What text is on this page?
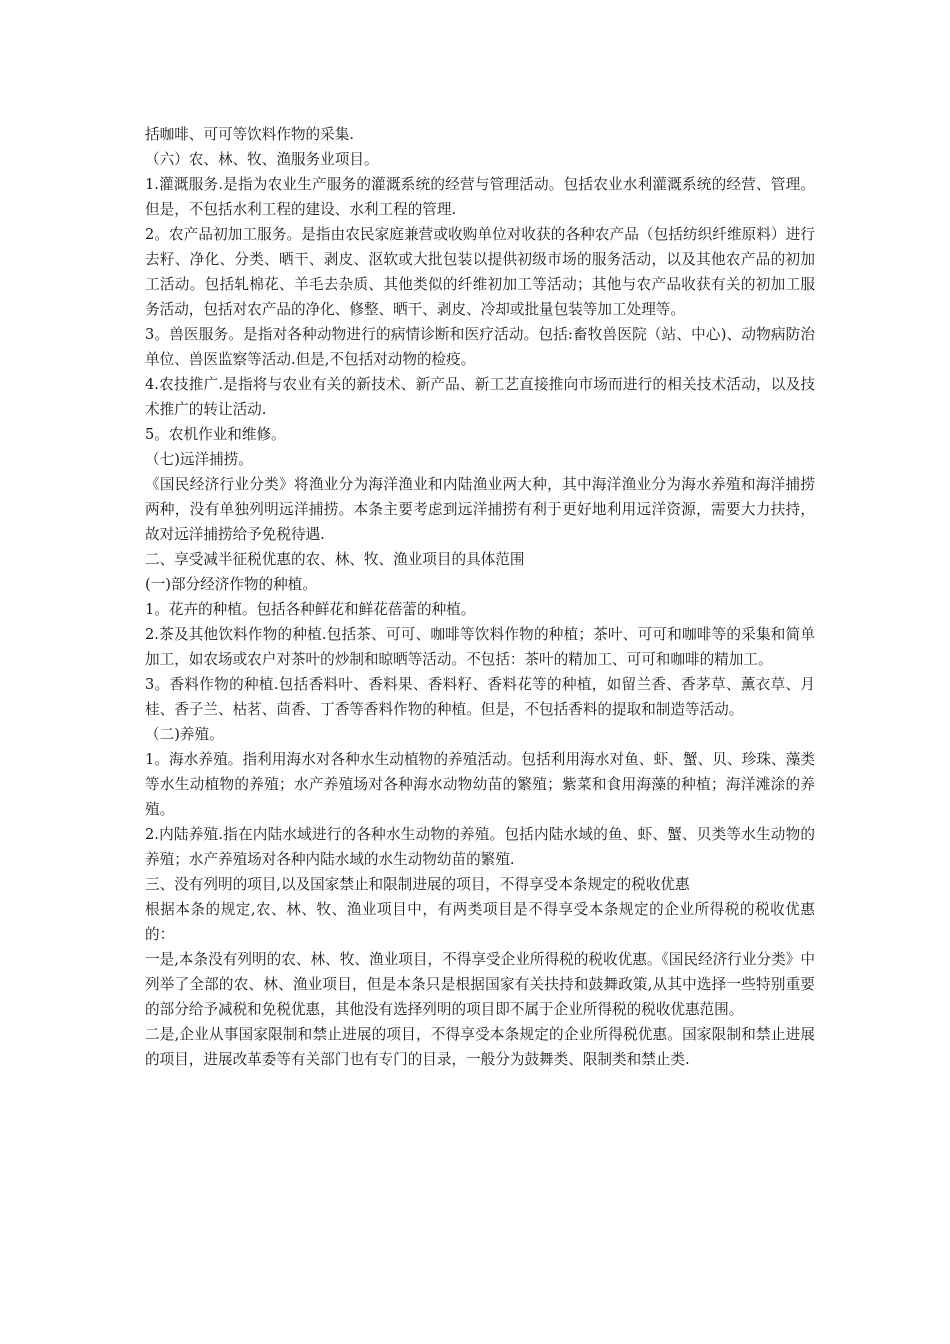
括咖啡、可可等饮料作物的采集.

（六）农、林、牧、渔服务业项目。

1.灌溉服务.是指为农业生产服务的灌溉系统的经营与管理活动。包括农业水利灌溉系统的经营、管理。但是，不包括水利工程的建设、水利工程的管理.

2。农产品初加工服务。是指由农民家庭兼营或收购单位对收获的各种农产品（包括纺织纤维原料）进行去籽、净化、分类、晒干、剥皮、沤软或大批包装以提供初级市场的服务活动，以及其他农产品的初加工活动。包括轧棉花、羊毛去杂质、其他类似的纤维初加工等活动；其他与农产品收获有关的初加工服务活动，包括对农产品的净化、修整、晒干、剥皮、冷却或批量包装等加工处理等。

3。兽医服务。是指对各种动物进行的病情诊断和医疗活动。包括:畜牧兽医院（站、中心)、动物病防治单位、兽医监察等活动.但是,不包括对动物的检疫。

4.农技推广.是指将与农业有关的新技术、新产品、新工艺直接推向市场而进行的相关技术活动，以及技术推广的转让活动.

5。农机作业和维修。

（七)远洋捕捞。

《国民经济行业分类》将渔业分为海洋渔业和内陆渔业两大种，其中海洋渔业分为海水养殖和海洋捕捞两种，没有单独列明远洋捕捞。本条主要考虑到远洋捕捞有利于更好地利用远洋资源，需要大力扶持，故对远洋捕捞给予免税待遇.

二、享受减半征税优惠的农、林、牧、渔业项目的具体范围

(一)部分经济作物的种植。

1。花卉的种植。包括各种鲜花和鲜花蓓蕾的种植。

2.茶及其他饮料作物的种植.包括茶、可可、咖啡等饮料作物的种植；茶叶、可可和咖啡等的采集和简单加工，如农场或农户对茶叶的炒制和晾晒等活动。不包括：茶叶的精加工、可可和咖啡的精加工。

3。香料作物的种植.包括香料叶、香料果、香料籽、香料花等的种植，如留兰香、香茅草、薰衣草、月桂、香子兰、枯茗、茴香、丁香等香料作物的种植。但是，不包括香料的提取和制造等活动。

（二)养殖。

1。海水养殖。指利用海水对各种水生动植物的养殖活动。包括利用海水对鱼、虾、蟹、贝、珍珠、藻类等水生动植物的养殖；水产养殖场对各种海水动物幼苗的繁殖；紫菜和食用海藻的种植；海洋滩涂的养殖。

2.内陆养殖.指在内陆水域进行的各种水生动物的养殖。包括内陆水域的鱼、虾、蟹、贝类等水生动物的养殖；水产养殖场对各种内陆水域的水生动物幼苗的繁殖.

三、没有列明的项目,以及国家禁止和限制进展的项目，不得享受本条规定的税收优惠

根据本条的规定,农、林、牧、渔业项目中，有两类项目是不得享受本条规定的企业所得税的税收优惠的：

一是,本条没有列明的农、林、牧、渔业项目，不得享受企业所得税的税收优惠。《国民经济行业分类》中列举了全部的农、林、渔业项目，但是本条只是根据国家有关扶持和鼓舞政策,从其中选择一些特别重要的部分给予减税和免税优惠，其他没有选择列明的项目即不属于企业所得税的税收优惠范围。

二是,企业从事国家限制和禁止进展的项目，不得享受本条规定的企业所得税优惠。国家限制和禁止进展的项目，进展改革委等有关部门也有专门的目录，一般分为鼓舞类、限制类和禁止类.
